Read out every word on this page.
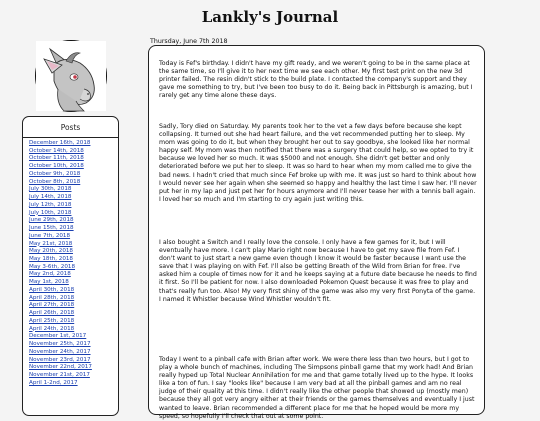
Lankly's Journal
Posts
December 16th, 2018
October 14th, 2018
October 11th, 2018
October 10th, 2018
October 9th, 2018
October 8th, 2018
July 30th, 2018
July 14th, 2018
July 12th, 2018
July 10th, 2018
June 29th, 2018
June 15th, 2018
June 7th, 2018
May 21st, 2018
May 20th, 2018
May 18th, 2018
May 3-6th, 2018
May 2nd, 2018
May 1st, 2018
April 30th, 2018
April 28th, 2018
April 27th, 2018
April 26th, 2018
April 25th, 2018
April 24th, 2018
December 1st, 2017
November 25th, 2017
November 24th, 2017
November 23rd, 2017
November 22nd, 2017
November 21st, 2017
April 1-2nd, 2017
Thursday, June 7th 2018

Today is Fef's birthday. I didn't have my gift ready, and we weren't going to be in the same place at the same time, so I'll give it to her next time we see each other. My first test print on the new 3d printer failed. The resin didn't stick to the build plate. I contacted the company's support and they gave me something to try, but I've been too busy to do it. Being back in Pittsburgh is amazing, but I rarely get any time alone these days.

Sadly, Tory died on Saturday. My parents took her to the vet a few days before because she kept collapsing. It turned out she had heart failure, and the vet recommended putting her to sleep. My mom was going to do it, but when they brought her out to say goodbye, she looked like her normal happy self. My mom was then notified that there was a surgery that could help, so we opted to try it because we loved her so much. It was $5000 and not enough. She didn't get better and only deteriorated before we put her to sleep. It was so hard to hear when my mom called me to give the bad news. I hadn't cried that much since Fef broke up with me. It was just so hard to think about how I would never see her again when she seemed so happy and healthy the last time I saw her. I'll never put her in my lap and just pet her for hours anymore and I'll never tease her with a tennis ball again. I loved her so much and I'm starting to cry again just writing this.

I also bought a Switch and I really love the console. I only have a few games for it, but I will eventually have more. I can't play Mario right now because I have to get my save file from Fef. I don't want to just start a new game even though I know it would be faster because I want use the save that I was playing on with Fef. I'll also be getting Breath of the Wild from Brian for free. I've asked him a couple of times now for it and he keeps saying at a future date because he needs to find it first. So I'll be patient for now. I also downloaded Pokemon Quest because it was free to play and that's really fun too. Also! My very first shiny of the game was also my very first Ponyta of the game. I named it Whistler because Wind Whistler wouldn't fit.

Today I went to a pinball cafe with Brian after work. We were there less than two hours, but I got to play a whole bunch of machines, including The Simpsons pinball game that my work had! And Brian really hyped up Total Nuclear Annihilation for me and that game totally lived up to the hype. It looks like a ton of fun. I say "looks like" because I am very bad at all the pinball games and am no real judge of their quality at this time. I didn't really like the other people that showed up (mostly men) because they all got very angry either at their friends or the games themselves and eventually I just wanted to leave. Brian recommended a different place for me that he hoped would be more my speed, so hopefully I'll check that out at some point.
